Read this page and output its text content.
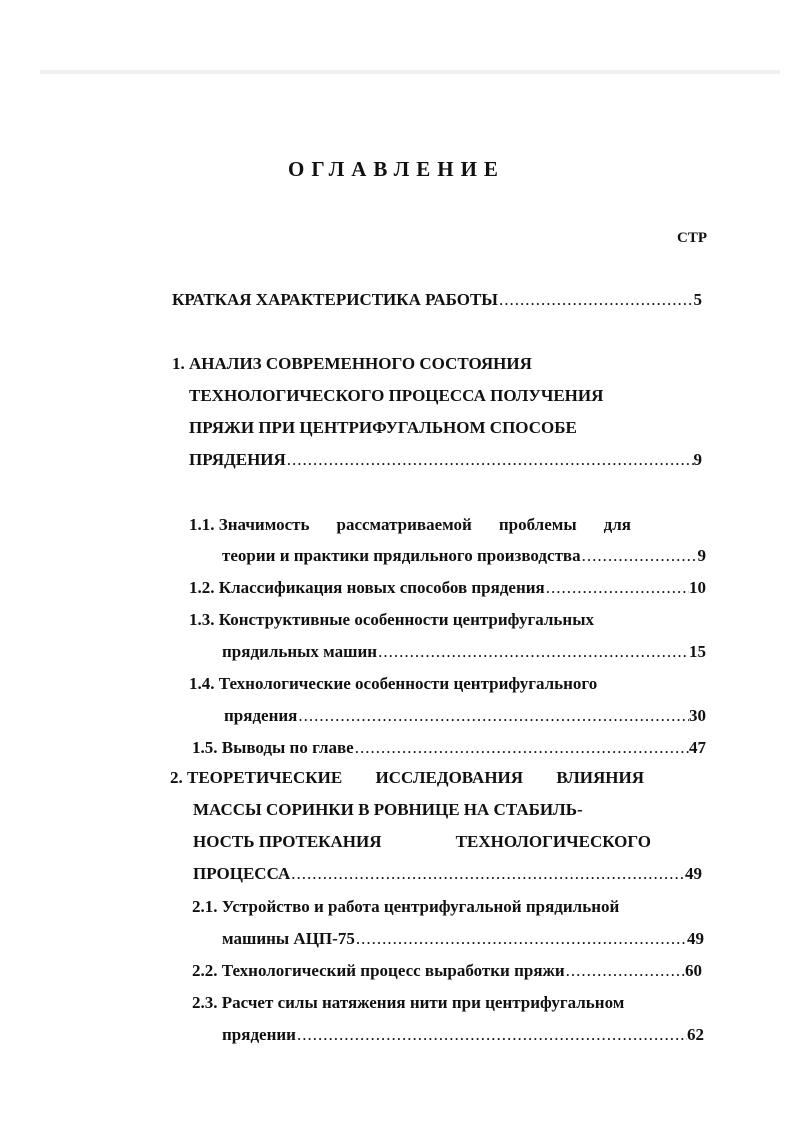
ОГЛАВЛЕНИЕ
СТР
КРАТКАЯ ХАРАКТЕРИСТИКА РАБОТЫ .....	5
1. АНАЛИЗ СОВРЕМЕННОГО СОСТОЯНИЯ
ТЕХНОЛОГИЧЕСКОГО ПРОЦЕССА ПОЛУЧЕНИЯ
ПРЯЖИ ПРИ ЦЕНТРИФУГАЛЬНОМ СПОСОБЕ
ПРЯДЕНИЯ .....	9
1.1. Значимость рассматриваемой проблемы для
теории и практики прядильного производства .....	9
1.2. Классификация новых способов прядения .....	10
1.3. Конструктивные особенности центрифугальных
прядильных машин .....	15
1.4. Технологические особенности центрифугального
прядения .....	30
1.5. Выводы по главе .....	47
2. ТЕОРЕТИЧЕСКИЕ ИССЛЕДОВАНИЯ ВЛИЯНИЯ
МАССЫ СОРИНКИ В РОВНИЦЕ НА СТАБИЛЬ-
НОСТЬ ПРОТЕКАНИЯ	ТЕХНОЛОГИЧЕСКОГО
ПРОЦЕССА .....	49
2.1. Устройство и работа центрифугальной прядильной
машины АЦП-75 .....	49
2.2. Технологический процесс выработки пряжи .....	60
2.3. Расчет силы натяжения нити при центрифугальном
прядении .....	62
